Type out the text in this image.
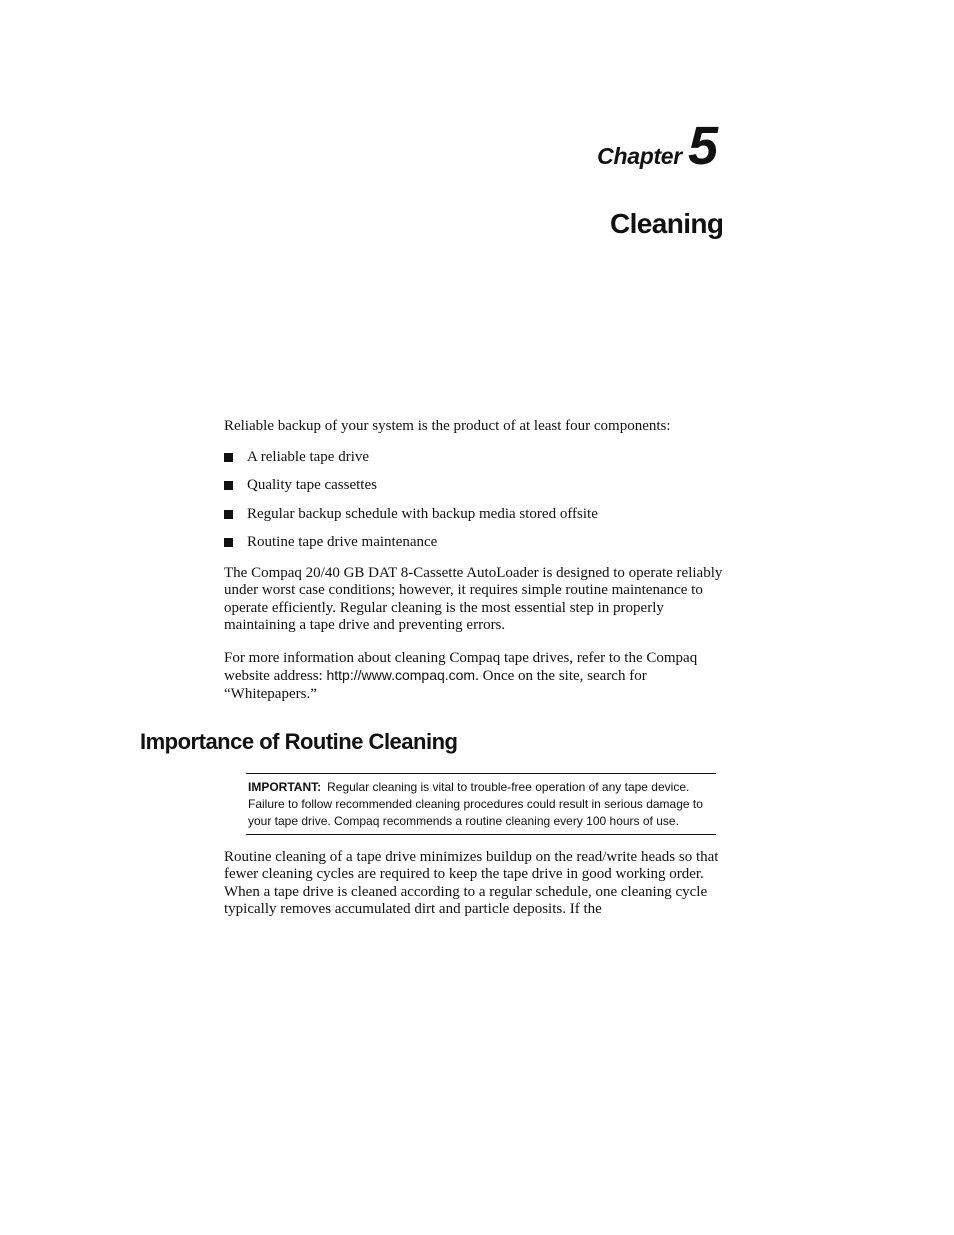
Chapter 5
Cleaning

Reliable backup of your system is the product of at least four components:

A reliable tape drive
Quality tape cassettes
Regular backup schedule with backup media stored offsite
Routine tape drive maintenance

The Compaq 20/40 GB DAT 8-Cassette AutoLoader is designed to operate reliably under worst case conditions; however, it requires simple routine maintenance to operate efficiently. Regular cleaning is the most essential step in properly maintaining a tape drive and preventing errors.

For more information about cleaning Compaq tape drives, refer to the Compaq website address: http://www.compaq.com. Once on the site, search for “Whitepapers.”

Importance of Routine Cleaning
IMPORTANT: Regular cleaning is vital to trouble-free operation of any tape device. Failure to follow recommended cleaning procedures could result in serious damage to your tape drive. Compaq recommends a routine cleaning every 100 hours of use.

Routine cleaning of a tape drive minimizes buildup on the read/write heads so that fewer cleaning cycles are required to keep the tape drive in good working order. When a tape drive is cleaned according to a regular schedule, one cleaning cycle typically removes accumulated dirt and particle deposits. If the
